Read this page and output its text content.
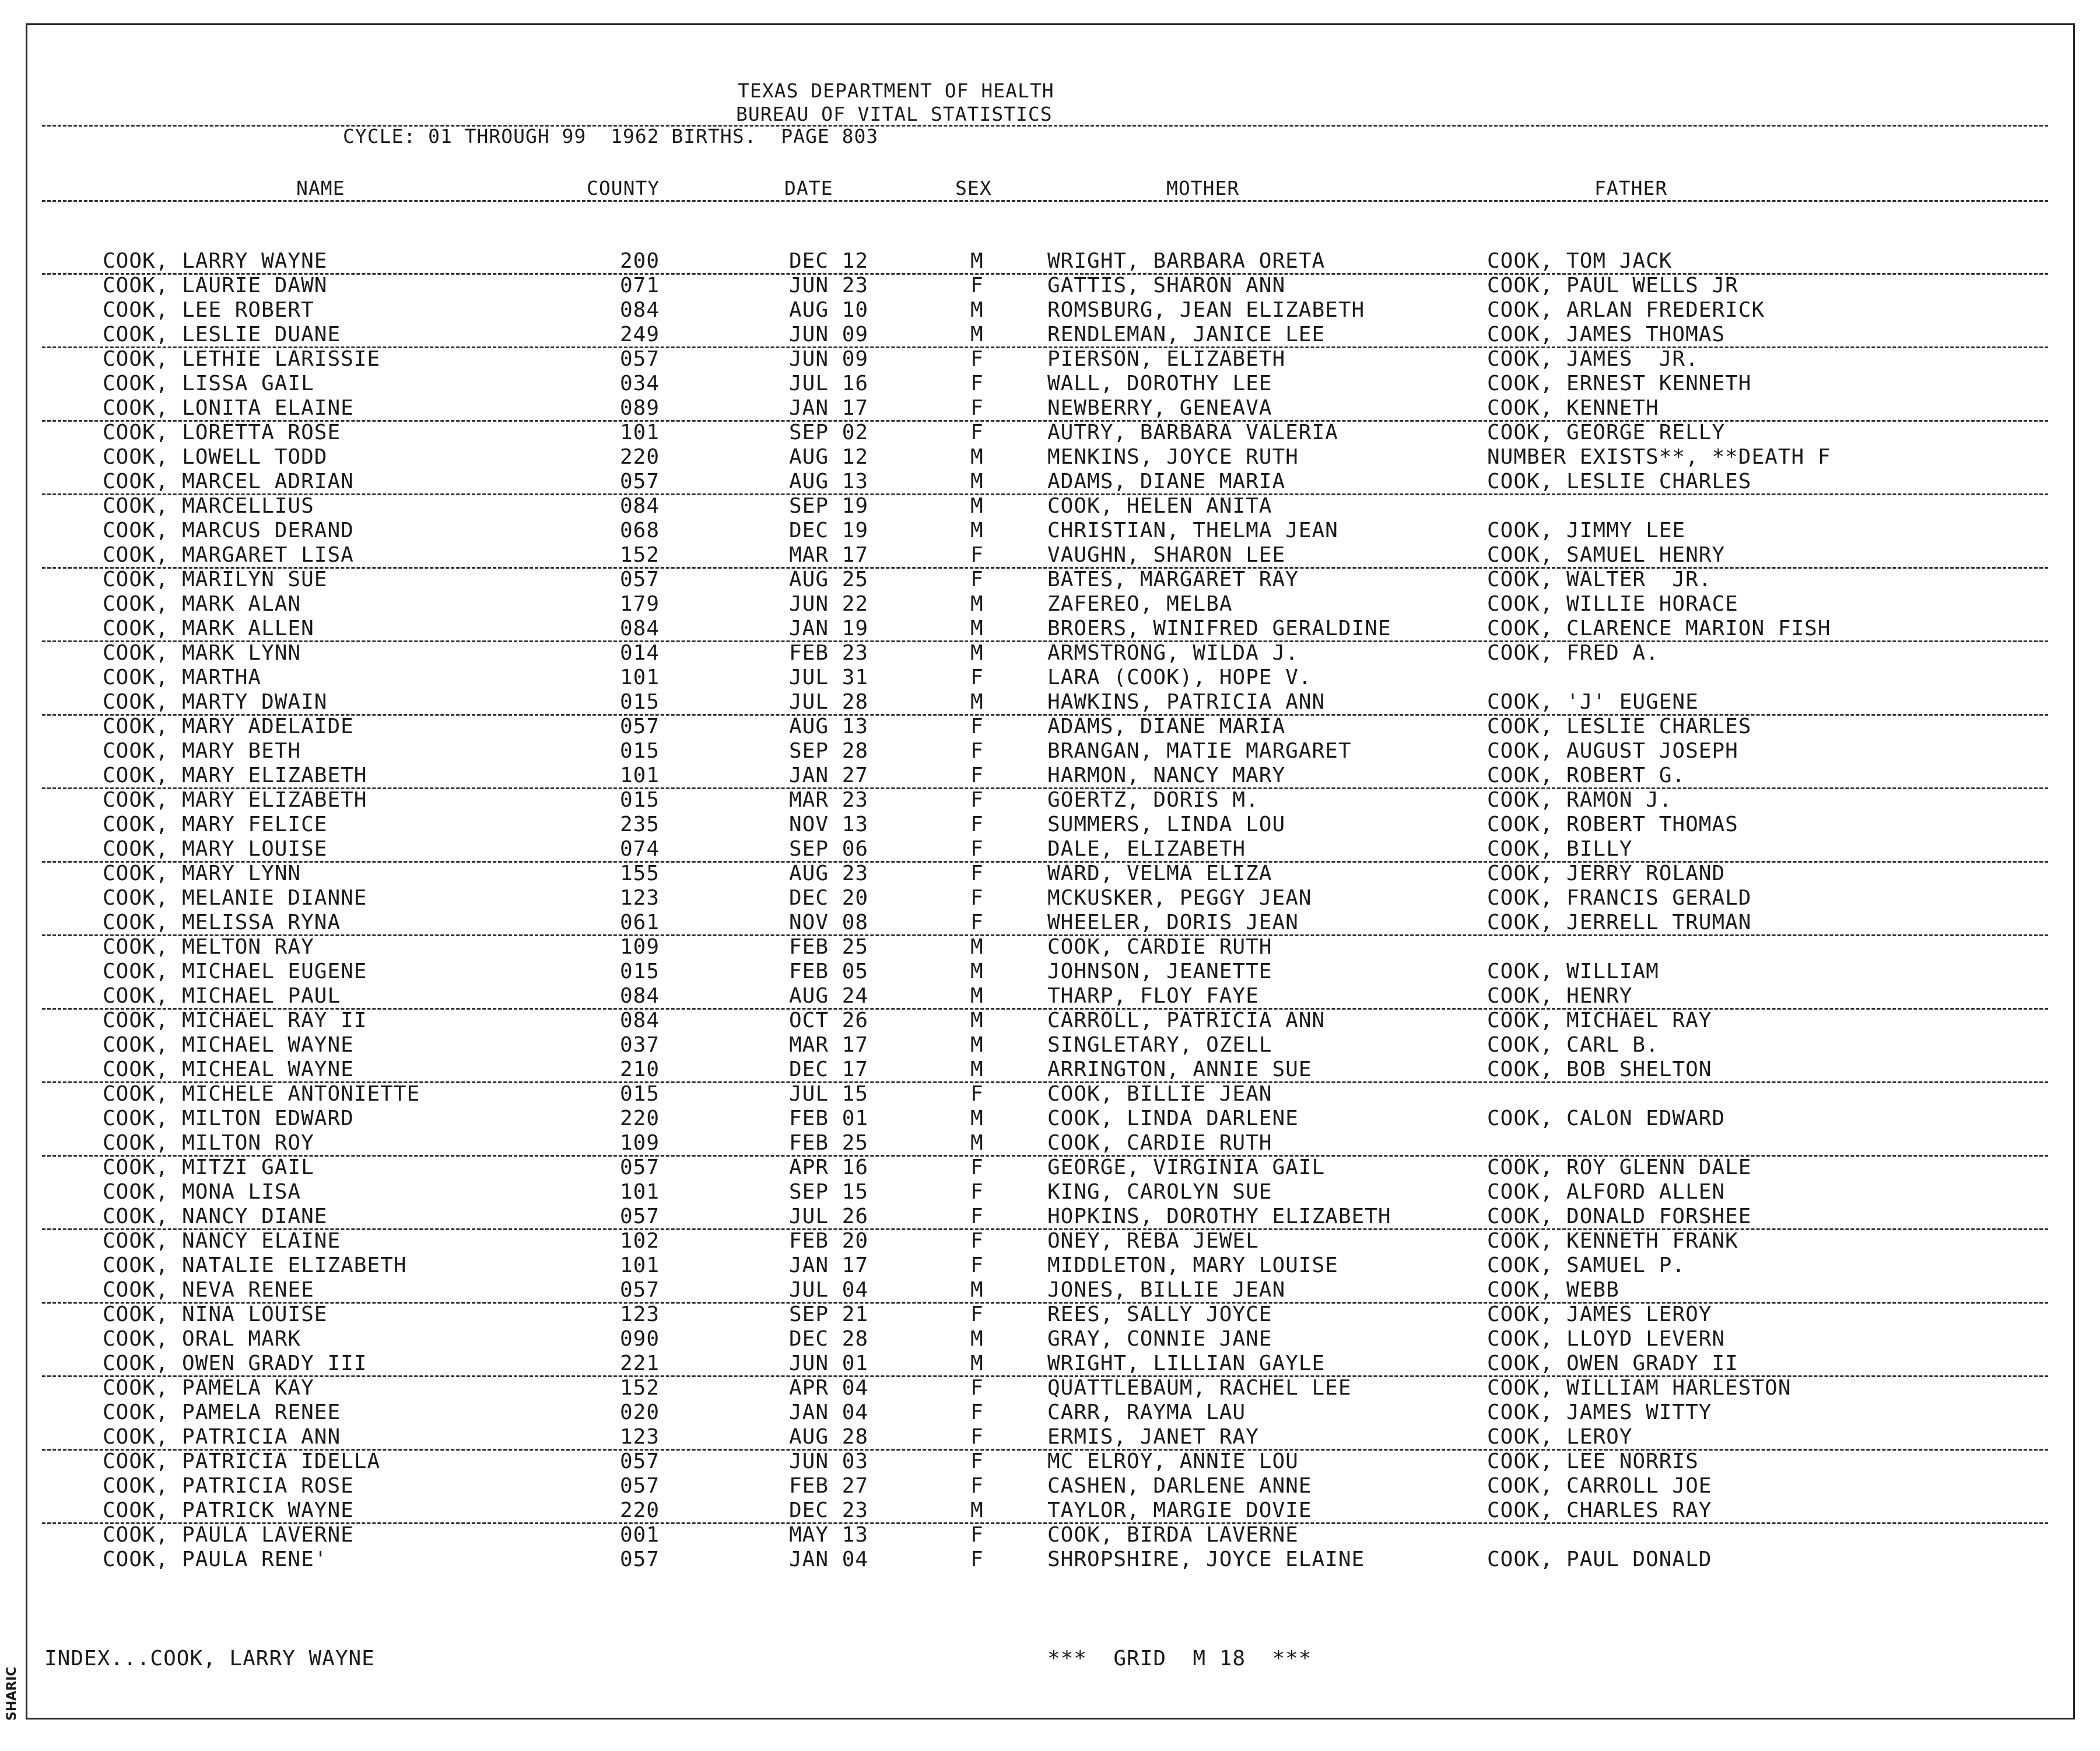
TEXAS DEPARTMENT OF HEALTH
BUREAU OF VITAL STATISTICS
CYCLE: 01 THROUGH 99  1962 BIRTHS.  PAGE 803
NAME	COUNTY	DATE	SEX	MOTHER	FATHER
COOK, LARRY WAYNE	200	DEC 12	M	WRIGHT, BARBARA ORETA	COOK, TOM JACK
COOK, LAURIE DAWN	071	JUN 23	F	GATTIS, SHARON ANN	COOK, PAUL WELLS JR
COOK, LEE ROBERT	084	AUG 10	M	ROMSBURG, JEAN ELIZABETH	COOK, ARLAN FREDERICK
COOK, LESLIE DUANE	249	JUN 09	M	RENDLEMAN, JANICE LEE	COOK, JAMES THOMAS
COOK, LETHIE LARISSIE	057	JUN 09	F	PIERSON, ELIZABETH	COOK, JAMES  JR.
COOK, LISSA GAIL	034	JUL 16	F	WALL, DOROTHY LEE	COOK, ERNEST KENNETH
COOK, LONITA ELAINE	089	JAN 17	F	NEWBERRY, GENEAVA	COOK, KENNETH
COOK, LORETTA ROSE	101	SEP 02	F	AUTRY, BARBARA VALERIA	COOK, GEORGE RELLY
COOK, LOWELL TODD	220	AUG 12	M	MENKINS, JOYCE RUTH	NUMBER EXISTS**, **DEATH F
COOK, MARCEL ADRIAN	057	AUG 13	M	ADAMS, DIANE MARIA	COOK, LESLIE CHARLES
COOK, MARCELLIUS	084	SEP 19	M	COOK, HELEN ANITA
COOK, MARCUS DERAND	068	DEC 19	M	CHRISTIAN, THELMA JEAN	COOK, JIMMY LEE
COOK, MARGARET LISA	152	MAR 17	F	VAUGHN, SHARON LEE	COOK, SAMUEL HENRY
COOK, MARILYN SUE	057	AUG 25	F	BATES, MARGARET RAY	COOK, WALTER  JR.
COOK, MARK ALAN	179	JUN 22	M	ZAFEREO, MELBA	COOK, WILLIE HORACE
COOK, MARK ALLEN	084	JAN 19	M	BROERS, WINIFRED GERALDINE	COOK, CLARENCE MARION FISH
COOK, MARK LYNN	014	FEB 23	M	ARMSTRONG, WILDA J.	COOK, FRED A.
COOK, MARTHA	101	JUL 31	F	LARA (COOK), HOPE V.
COOK, MARTY DWAIN	015	JUL 28	M	HAWKINS, PATRICIA ANN	COOK, 'J' EUGENE
COOK, MARY ADELAIDE	057	AUG 13	F	ADAMS, DIANE MARIA	COOK, LESLIE CHARLES
COOK, MARY BETH	015	SEP 28	F	BRANGAN, MATIE MARGARET	COOK, AUGUST JOSEPH
COOK, MARY ELIZABETH	101	JAN 27	F	HARMON, NANCY MARY	COOK, ROBERT G.
COOK, MARY ELIZABETH	015	MAR 23	F	GOERTZ, DORIS M.	COOK, RAMON J.
COOK, MARY FELICE	235	NOV 13	F	SUMMERS, LINDA LOU	COOK, ROBERT THOMAS
COOK, MARY LOUISE	074	SEP 06	F	DALE, ELIZABETH	COOK, BILLY
COOK, MARY LYNN	155	AUG 23	F	WARD, VELMA ELIZA	COOK, JERRY ROLAND
COOK, MELANIE DIANNE	123	DEC 20	F	MCKUSKER, PEGGY JEAN	COOK, FRANCIS GERALD
COOK, MELISSA RYNA	061	NOV 08	F	WHEELER, DORIS JEAN	COOK, JERRELL TRUMAN
COOK, MELTON RAY	109	FEB 25	M	COOK, CARDIE RUTH
COOK, MICHAEL EUGENE	015	FEB 05	M	JOHNSON, JEANETTE	COOK, WILLIAM
COOK, MICHAEL PAUL	084	AUG 24	M	THARP, FLOY FAYE	COOK, HENRY
COOK, MICHAEL RAY II	084	OCT 26	M	CARROLL, PATRICIA ANN	COOK, MICHAEL RAY
COOK, MICHAEL WAYNE	037	MAR 17	M	SINGLETARY, OZELL	COOK, CARL B.
COOK, MICHEAL WAYNE	210	DEC 17	M	ARRINGTON, ANNIE SUE	COOK, BOB SHELTON
COOK, MICHELE ANTONIETTE	015	JUL 15	F	COOK, BILLIE JEAN
COOK, MILTON EDWARD	220	FEB 01	M	COOK, LINDA DARLENE	COOK, CALON EDWARD
COOK, MILTON ROY	109	FEB 25	M	COOK, CARDIE RUTH
COOK, MITZI GAIL	057	APR 16	F	GEORGE, VIRGINIA GAIL	COOK, ROY GLENN DALE
COOK, MONA LISA	101	SEP 15	F	KING, CAROLYN SUE	COOK, ALFORD ALLEN
COOK, NANCY DIANE	057	JUL 26	F	HOPKINS, DOROTHY ELIZABETH	COOK, DONALD FORSHEE
COOK, NANCY ELAINE	102	FEB 20	F	ONEY, REBA JEWEL	COOK, KENNETH FRANK
COOK, NATALIE ELIZABETH	101	JAN 17	F	MIDDLETON, MARY LOUISE	COOK, SAMUEL P.
COOK, NEVA RENEE	057	JUL 04	M	JONES, BILLIE JEAN	COOK, WEBB
COOK, NINA LOUISE	123	SEP 21	F	REES, SALLY JOYCE	COOK, JAMES LEROY
COOK, ORAL MARK	090	DEC 28	M	GRAY, CONNIE JANE	COOK, LLOYD LEVERN
COOK, OWEN GRADY III	221	JUN 01	M	WRIGHT, LILLIAN GAYLE	COOK, OWEN GRADY II
COOK, PAMELA KAY	152	APR 04	F	QUATTLEBAUM, RACHEL LEE	COOK, WILLIAM HARLESTON
COOK, PAMELA RENEE	020	JAN 04	F	CARR, RAYMA LAU	COOK, JAMES WITTY
COOK, PATRICIA ANN	123	AUG 28	F	ERMIS, JANET RAY	COOK, LEROY
COOK, PATRICIA IDELLA	057	JUN 03	F	MC ELROY, ANNIE LOU	COOK, LEE NORRIS
COOK, PATRICIA ROSE	057	FEB 27	F	CASHEN, DARLENE ANNE	COOK, CARROLL JOE
COOK, PATRICK WAYNE	220	DEC 23	M	TAYLOR, MARGIE DOVIE	COOK, CHARLES RAY
COOK, PAULA LAVERNE	001	MAY 13	F	COOK, BIRDA LAVERNE
COOK, PAULA RENE'	057	JAN 04	F	SHROPSHIRE, JOYCE ELAINE	COOK, PAUL DONALD
INDEX...COOK, LARRY WAYNE	***  GRID  M 18  ***
SHARIC
